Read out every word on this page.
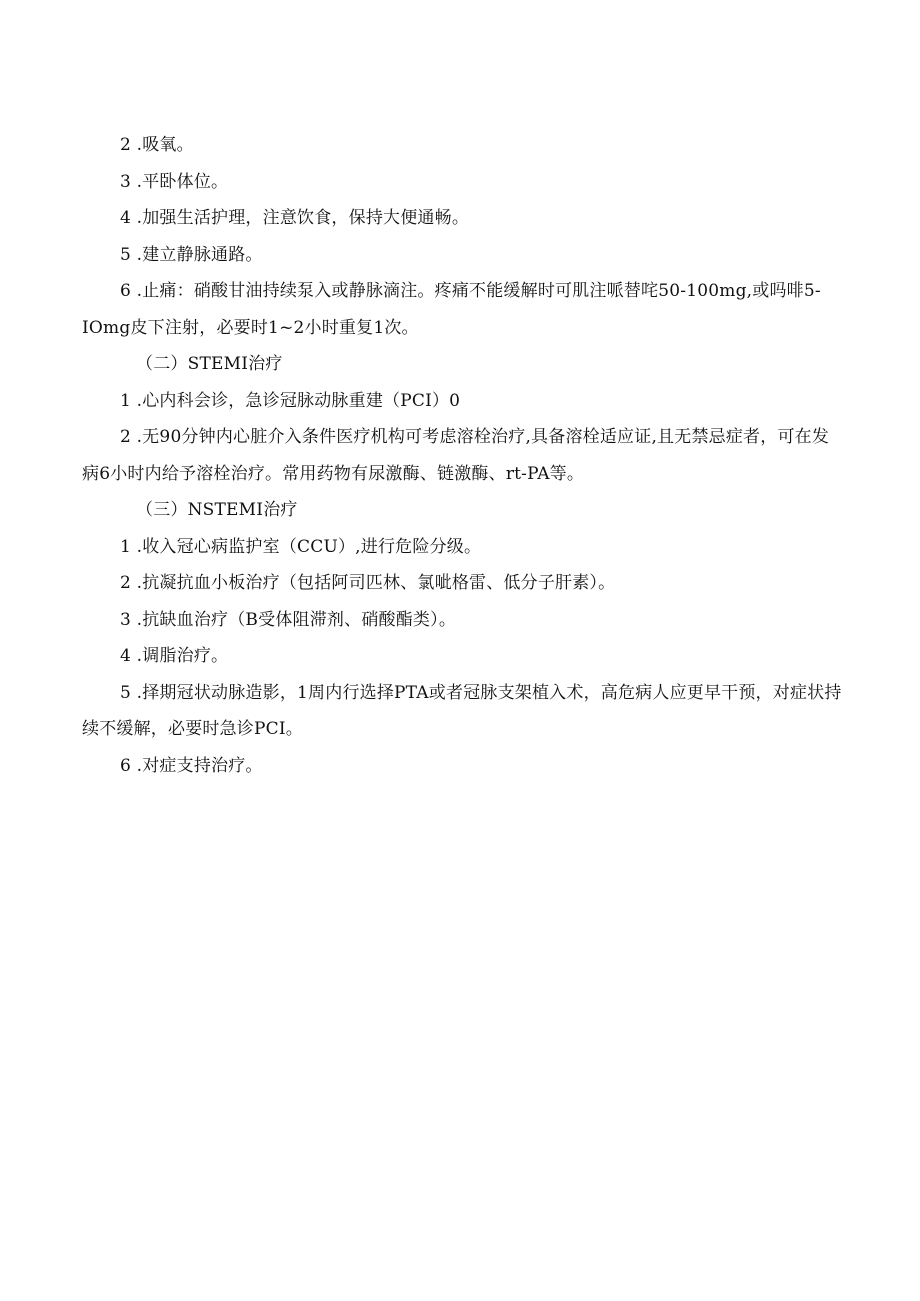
2 .吸氧。
3 .平卧体位。
4 .加强生活护理，注意饮食，保持大便通畅。
5 .建立静脉通路。
6 .止痛：硝酸甘油持续泵入或静脉滴注。疼痛不能缓解时可肌注哌替咤50-100mg,或吗啡5-IOmg皮下注射，必要时1~2小时重复1次。
（二）STEMI治疗
1 .心内科会诊，急诊冠脉动脉重建（PCI）0
2 .无90分钟内心脏介入条件医疗机构可考虑溶栓治疗,具备溶栓适应证,且无禁忌症者，可在发病6小时内给予溶栓治疗。常用药物有尿激酶、链激酶、rt-PA等。
（三）NSTEMI治疗
1 .收入冠心病监护室（CCU）,进行危险分级。
2 .抗凝抗血小板治疗（包括阿司匹林、氯呲格雷、低分子肝素）。
3 .抗缺血治疗（B受体阻滞剂、硝酸酯类）。
4 .调脂治疗。
5 .择期冠状动脉造影，1周内行选择PTA或者冠脉支架植入术，高危病人应更早干预，对症状持续不缓解，必要时急诊PCI。
6 .对症支持治疗。
